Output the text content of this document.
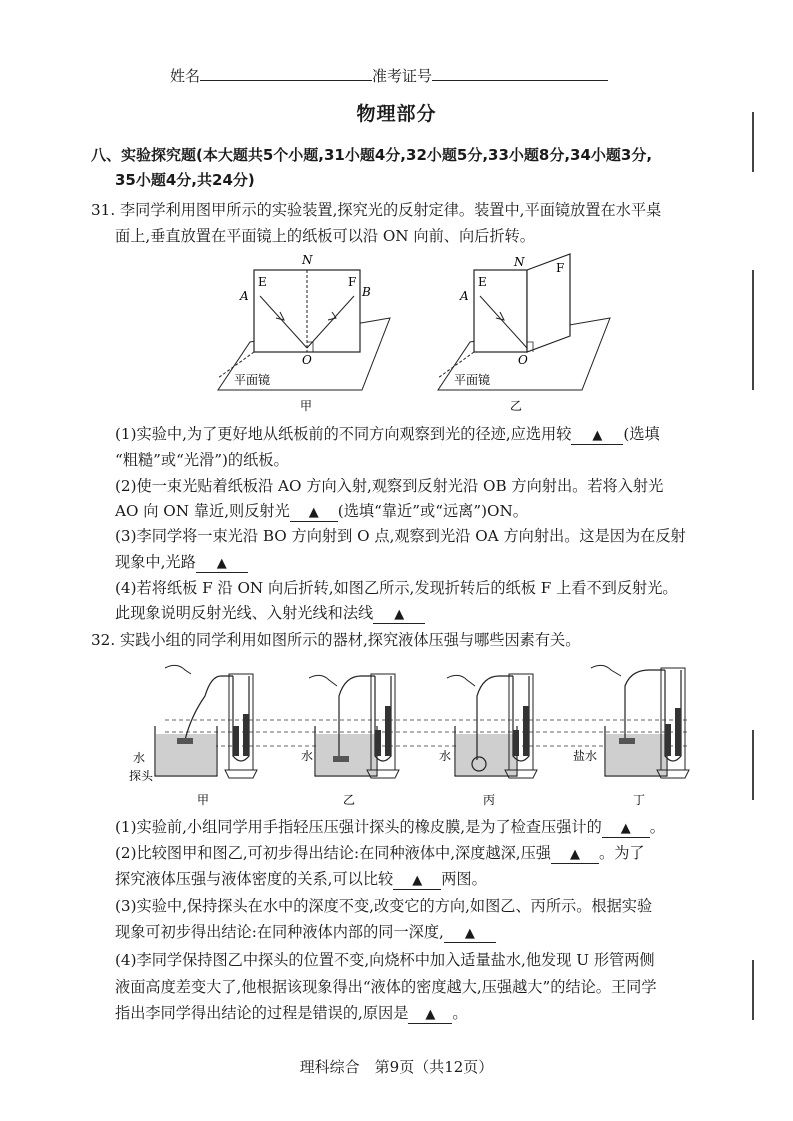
姓名	准考证号
物理部分
八、实验探究题(本大题共5个小题,31小题4分,32小题5分,33小题8分,34小题3分,
35小题4分,共24分)
31. 李同学利用图甲所示的实验装置,探究光的反射定律。装置中,平面镜放置在水平桌
面上,垂直放置在平面镜上的纸板可以沿 ON 向前、向后折转。
N
E	F
A	B
O
平面镜
甲
N
E
F
A
O
平面镜
乙
(1)实验中,为了更好地从纸板前的不同方向观察到光的径迹,应选用较 ▲ (选填
“粗糙”或“光滑”)的纸板。
(2)使一束光贴着纸板沿 AO 方向入射,观察到反射光沿 OB 方向射出。若将入射光
AO 向 ON 靠近,则反射光 ▲ (选填“靠近”或“远离”)ON。
(3)李同学将一束光沿 BO 方向射到 O 点,观察到光沿 OA 方向射出。这是因为在反射
现象中,光路 ▲
(4)若将纸板 F 沿 ON 向后折转,如图乙所示,发现折转后的纸板 F 上看不到反射光。
此现象说明反射光线、入射光线和法线 ▲
32. 实践小组的同学利用如图所示的器材,探究液体压强与哪些因素有关。
水
探头
水	水	盐水
甲	乙	丙	丁
(1)实验前,小组同学用手指轻压压强计探头的橡皮膜,是为了检查压强计的 ▲ 。
(2)比较图甲和图乙,可初步得出结论:在同种液体中,深度越深,压强 ▲ 。为了
探究液体压强与液体密度的关系,可以比较 ▲ 两图。
(3)实验中,保持探头在水中的深度不变,改变它的方向,如图乙、丙所示。根据实验
现象可初步得出结论:在同种液体内部的同一深度, ▲
(4)李同学保持图乙中探头的位置不变,向烧杯中加入适量盐水,他发现 U 形管两侧
液面高度差变大了,他根据该现象得出“液体的密度越大,压强越大”的结论。王同学
指出李同学得出结论的过程是错误的,原因是 ▲ 。
理科综合　第9页（共12页）
